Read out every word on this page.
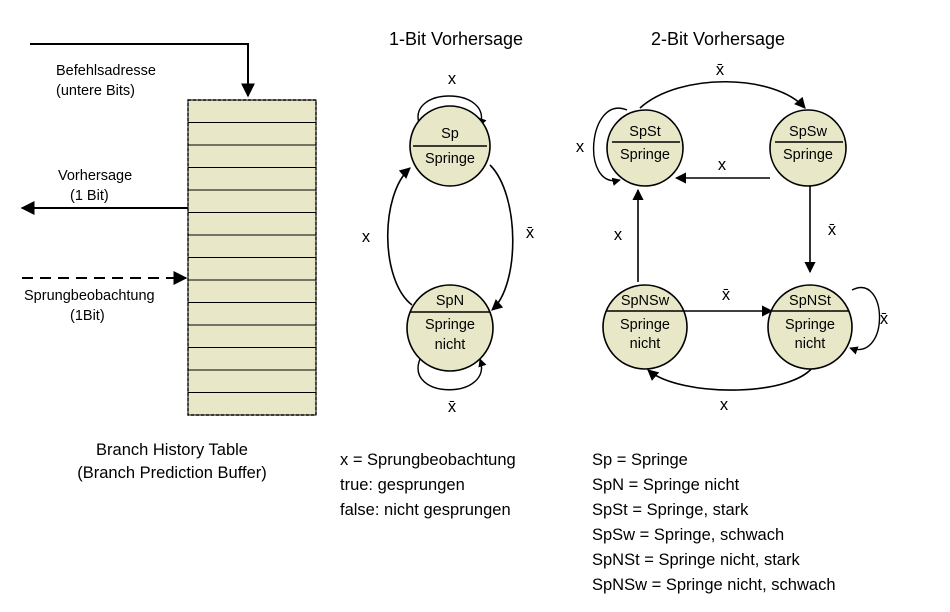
Befehlsadresse
(untere Bits)
Vorhersage
(1 Bit)
Sprungbeobachtung
(1Bit)
Branch History Table
(Branch Prediction Buffer)
1-Bit Vorhersage
x
x	x̄
x̄
Sp
Springe
SpN
Springe
nicht
x = Sprungbeobachtung
true: gesprungen
false: nicht gesprungen
2-Bit Vorhersage
x̄
x
x
x̄
x
x̄
x̄
x
SpSt
Springe
SpSw
Springe
SpNSw
Springe
nicht
SpNSt
Springe
nicht
Sp = Springe
SpN = Springe nicht
SpSt = Springe, stark
SpSw = Springe, schwach
SpNSt = Springe nicht, stark
SpNSw = Springe nicht, schwach
